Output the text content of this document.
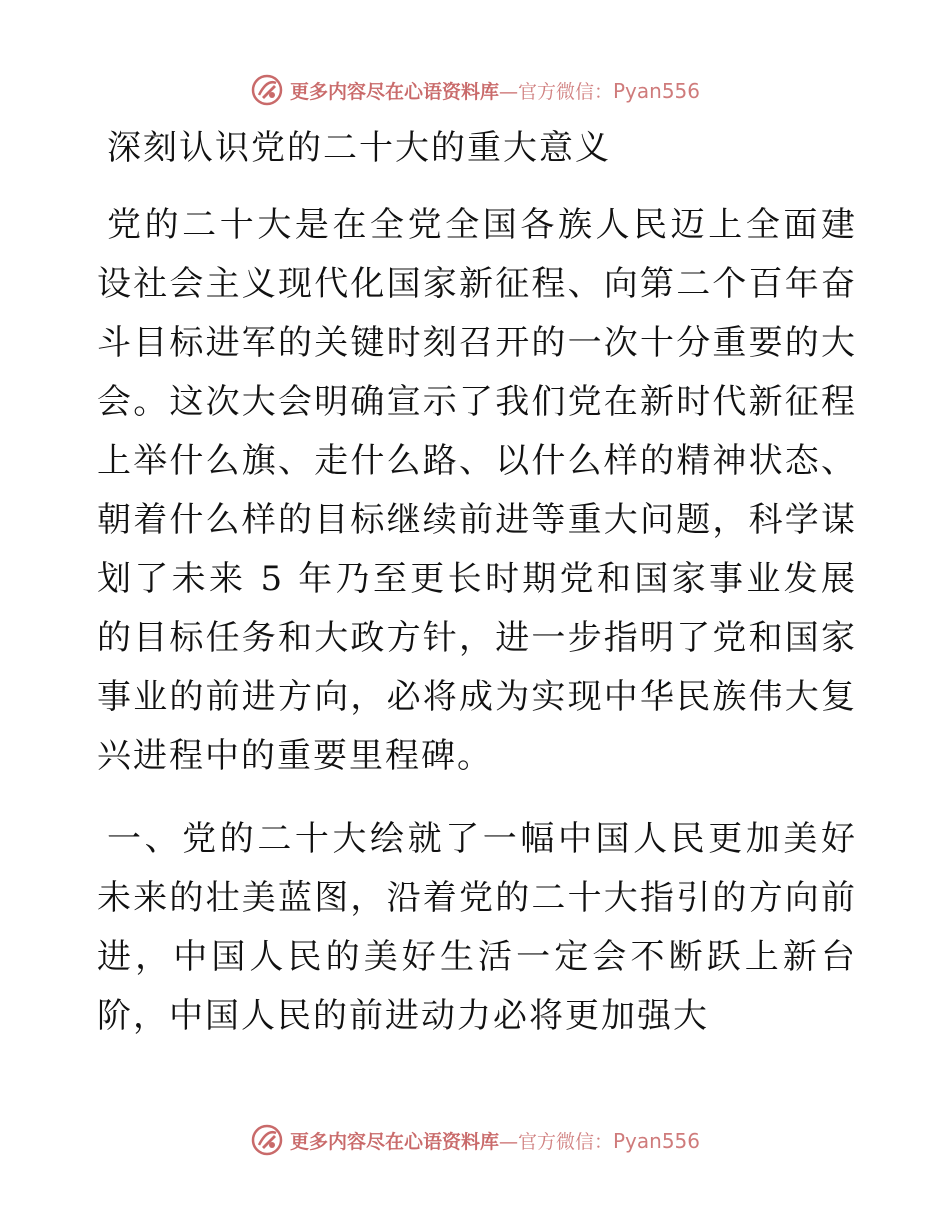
更多内容尽在心语资料库—官方微信：Pyan556
深刻认识党的二十大的重大意义

党的二十大是在全党全国各族人民迈上全面建设社会主义现代化国家新征程、向第二个百年奋斗目标进军的关键时刻召开的一次十分重要的大会。这次大会明确宣示了我们党在新时代新征程上举什么旗、走什么路、以什么样的精神状态、朝着什么样的目标继续前进等重大问题，科学谋划了未来 5 年乃至更长时期党和国家事业发展的目标任务和大政方针，进一步指明了党和国家事业的前进方向，必将成为实现中华民族伟大复兴进程中的重要里程碑。

一、党的二十大绘就了一幅中国人民更加美好未来的壮美蓝图，沿着党的二十大指引的方向前进，中国人民的美好生活一定会不断跃上新台阶，中国人民的前进动力必将更加强大

更多内容尽在心语资料库—官方微信：Pyan556
